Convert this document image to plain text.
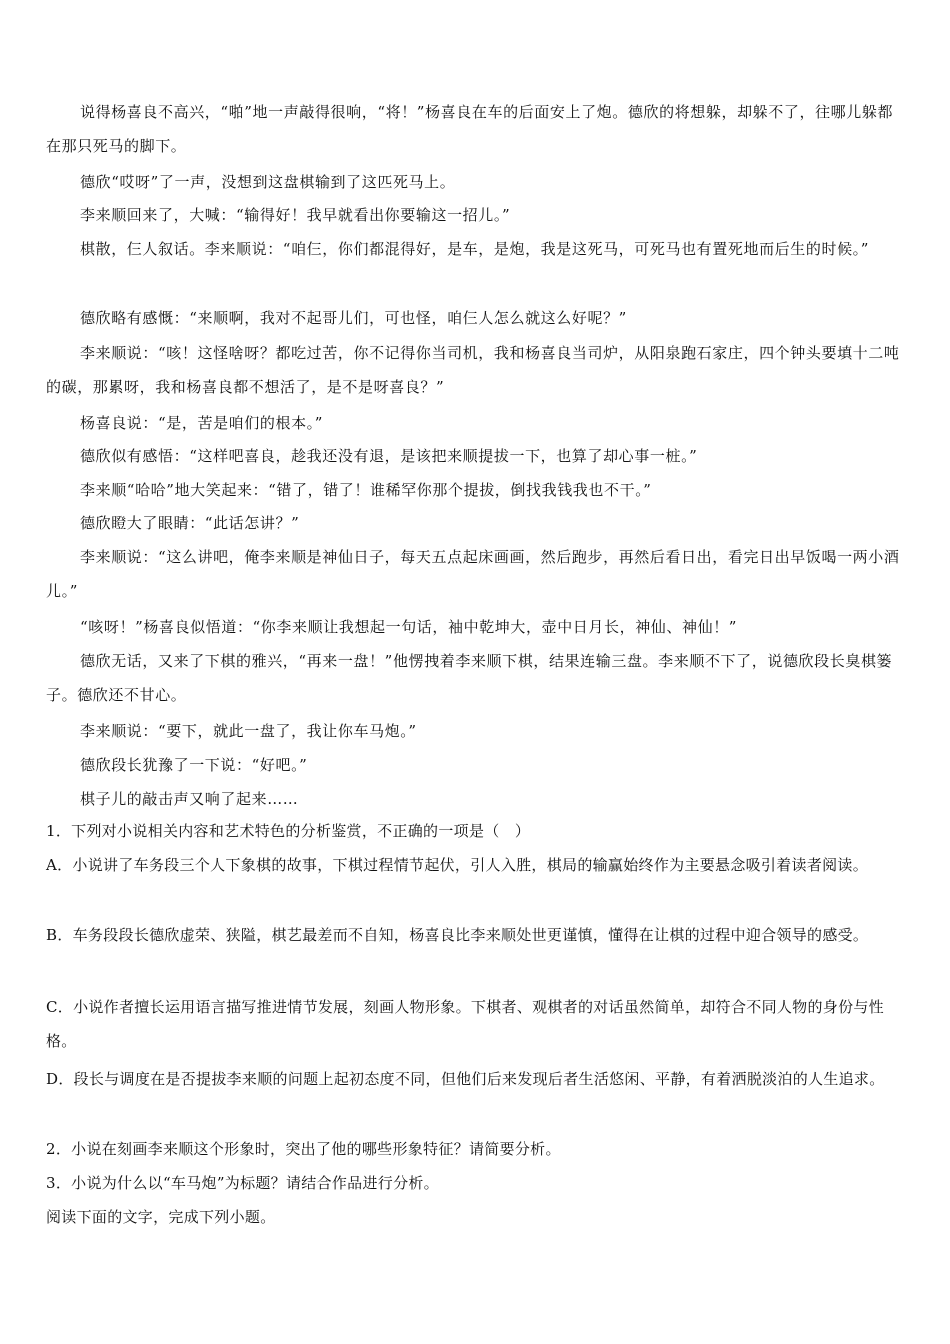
说得杨喜良不高兴，“啪”地一声敲得很响，“将！”杨喜良在车的后面安上了炮。德欣的将想躲，却躲不了，往哪儿躲都在那只死马的脚下。

德欣“哎呀”了一声，没想到这盘棋输到了这匹死马上。

李来顺回来了，大喊：“输得好！我早就看出你要输这一招儿。”

棋散，仨人叙话。李来顺说：“咱仨，你们都混得好，是车，是炮，我是这死马，可死马也有置死地而后生的时候。”

德欣略有感慨：“来顺啊，我对不起哥儿们，可也怪，咱仨人怎么就这么好呢？”

李来顺说：“咳！这怪啥呀？都吃过苦，你不记得你当司机，我和杨喜良当司炉，从阳泉跑石家庄，四个钟头要填十二吨的碳，那累呀，我和杨喜良都不想活了，是不是呀喜良？”

杨喜良说：“是，苦是咱们的根本。”

德欣似有感悟：“这样吧喜良，趁我还没有退，是该把来顺提拔一下，也算了却心事一桩。”

李来顺“哈哈”地大笑起来：“错了，错了！谁稀罕你那个提拔，倒找我钱我也不干。”

德欣瞪大了眼睛：“此话怎讲？”

李来顺说：“这么讲吧，俺李来顺是神仙日子，每天五点起床画画，然后跑步，再然后看日出，看完日出早饭喝一两小酒儿。”

“咳呀！”杨喜良似悟道：“你李来顺让我想起一句话，袖中乾坤大，壶中日月长，神仙、神仙！”

德欣无话，又来了下棋的雅兴，“再来一盘！”他愣拽着李来顺下棋，结果连输三盘。李来顺不下了，说德欣段长臭棋篓子。德欣还不甘心。

李来顺说：“要下，就此一盘了，我让你车马炮。”

德欣段长犹豫了一下说：“好吧。”

棋子儿的敲击声又响了起来……

1．下列对小说相关内容和艺术特色的分析鉴赏，不正确的一项是（　）

A．小说讲了车务段三个人下象棋的故事，下棋过程情节起伏，引人入胜，棋局的输赢始终作为主要悬念吸引着读者阅读。

B．车务段段长德欣虚荣、狭隘，棋艺最差而不自知，杨喜良比李来顺处世更谨慎，懂得在让棋的过程中迎合领导的感受。

C．小说作者擅长运用语言描写推进情节发展，刻画人物形象。下棋者、观棋者的对话虽然简单，却符合不同人物的身份与性格。

D．段长与调度在是否提拔李来顺的问题上起初态度不同，但他们后来发现后者生活悠闲、平静，有着洒脱淡泊的人生追求。

2．小说在刻画李来顺这个形象时，突出了他的哪些形象特征？请简要分析。

3．小说为什么以“车马炮”为标题？请结合作品进行分析。

阅读下面的文字，完成下列小题。
